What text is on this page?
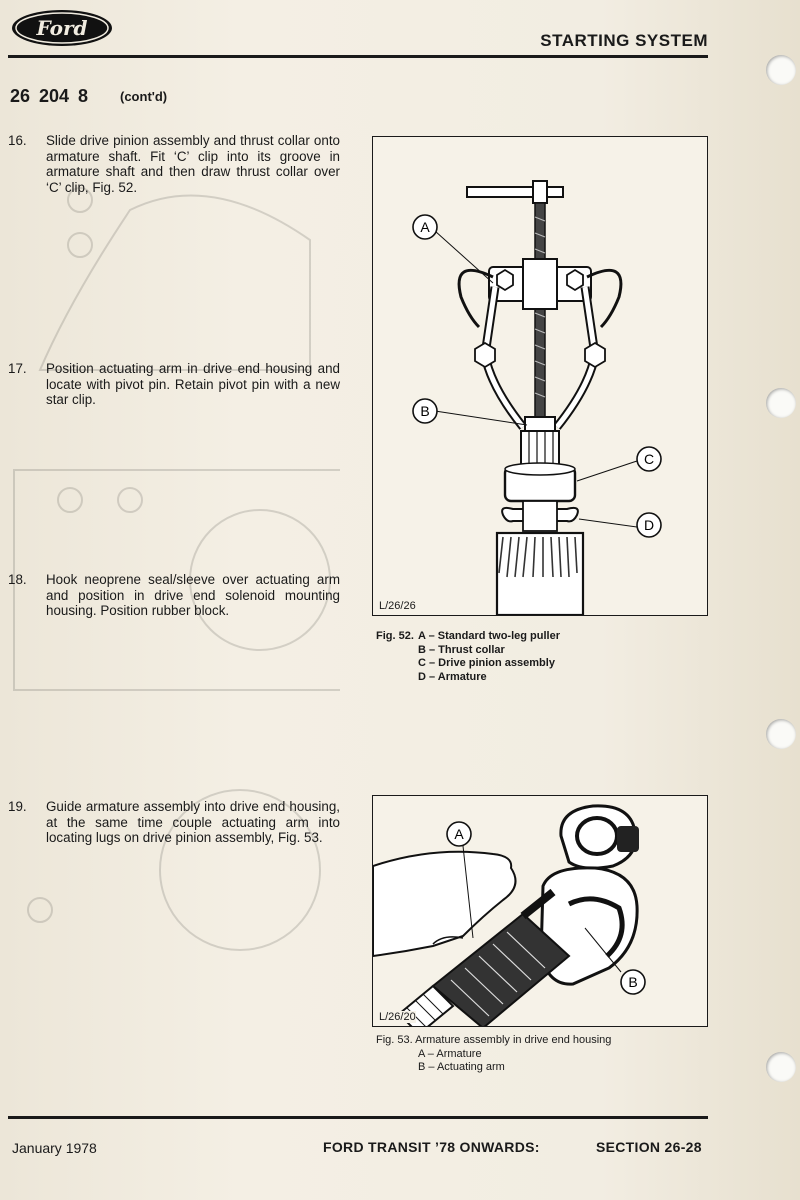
Ford
STARTING SYSTEM
26 204 8 (cont'd)
16.	Slide drive pinion assembly and thrust collar onto armature shaft. Fit ‘C’ clip into its groove in armature shaft and then draw thrust collar over ‘C’ clip, Fig. 52.
17.	Position actuating arm in drive end housing and locate with pivot pin. Retain pivot pin with a new star clip.
18.	Hook neoprene seal/sleeve over actuating arm and position in drive end solenoid mounting housing. Position rubber block.
19.	Guide armature assembly into drive end housing, at the same time couple actuating arm into locating lugs on drive pinion assembly, Fig. 53.
A
B
C
D
L/26/26
Fig. 52. A – Standard two-leg puller
B – Thrust collar
C – Drive pinion assembly
D – Armature
A
B
L/26/20
Fig. 53. Armature assembly in drive end housing
A – Armature
B – Actuating arm
January 1978	FORD TRANSIT ’78 ONWARDS:	SECTION 26-28
